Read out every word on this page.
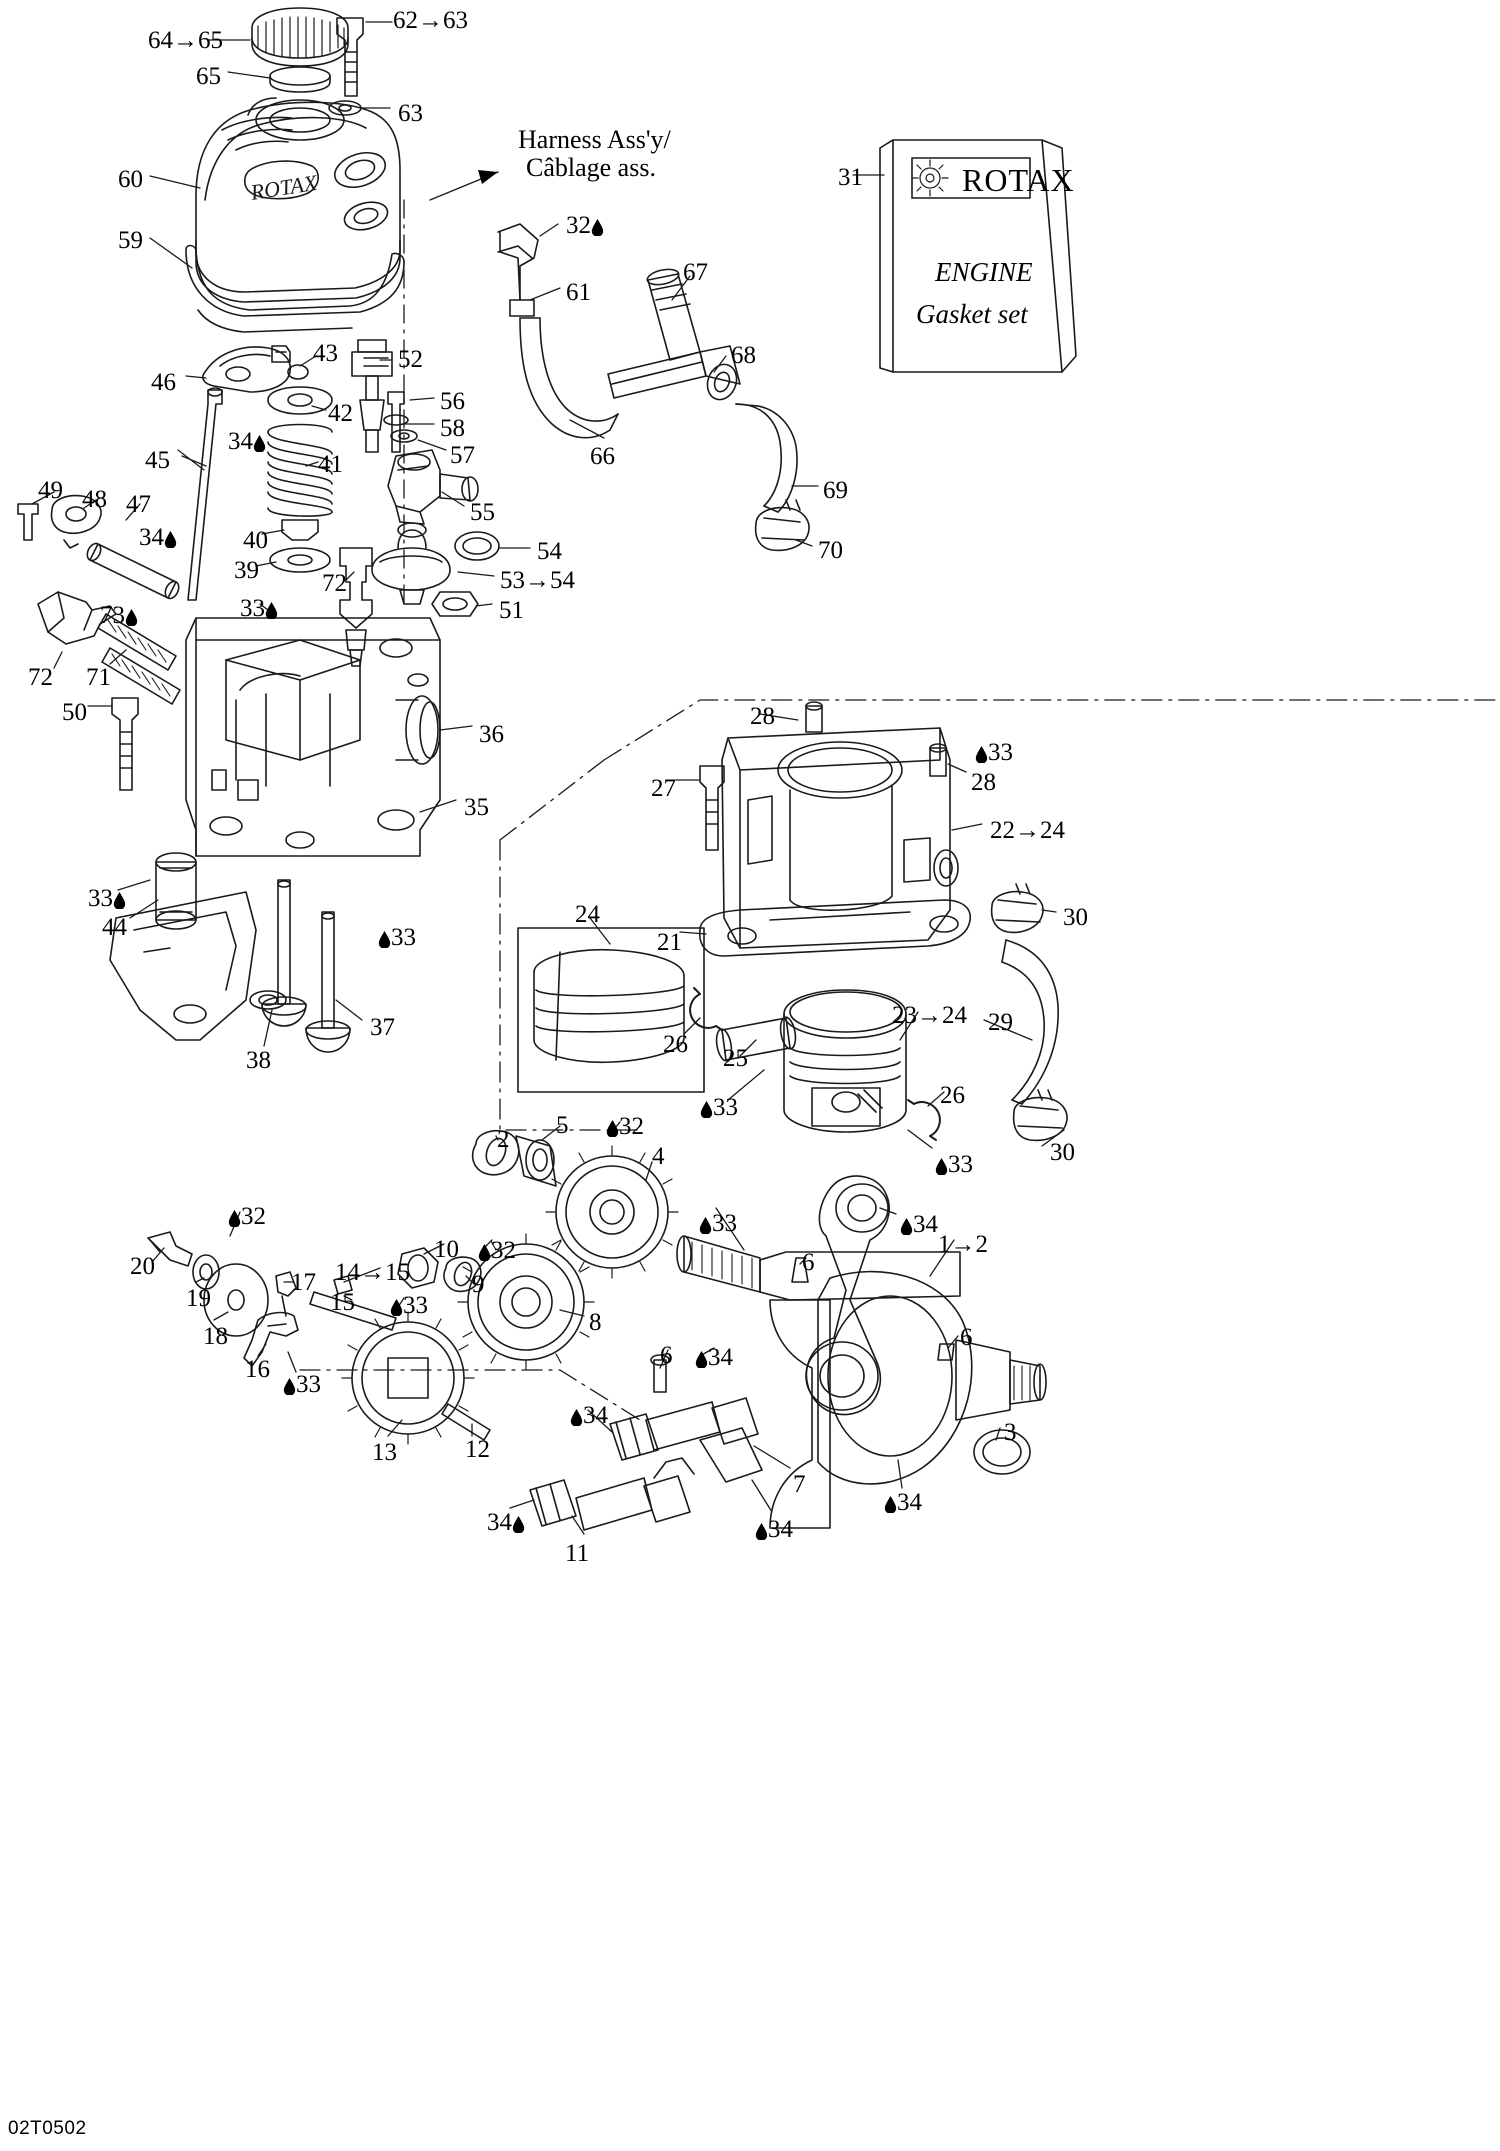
ROTAX	ROTAX
ENGINE
Gasket set
Harness Ass'y/
Câblage ass.
02T0502
64→65
62→63
65
63
60
59
32
61
67
68
31
66
69
70
43 52
46
42	56
58
57
34
45	41
55
49 48 47
34	40	54
39	72	53→54
73	33	51
72 71
50
36
35
28
27
33
28
22→24
21
30
33
44	24
33
26
25
23→24 29
37
38
33	26
33	30
2
5	32
4
33	34
1→2
6
32
20
19
18
17 14→15
10	32
9
15	33
8
16
33
6	34
6
13	12
34
3
7
34
11
34
34
